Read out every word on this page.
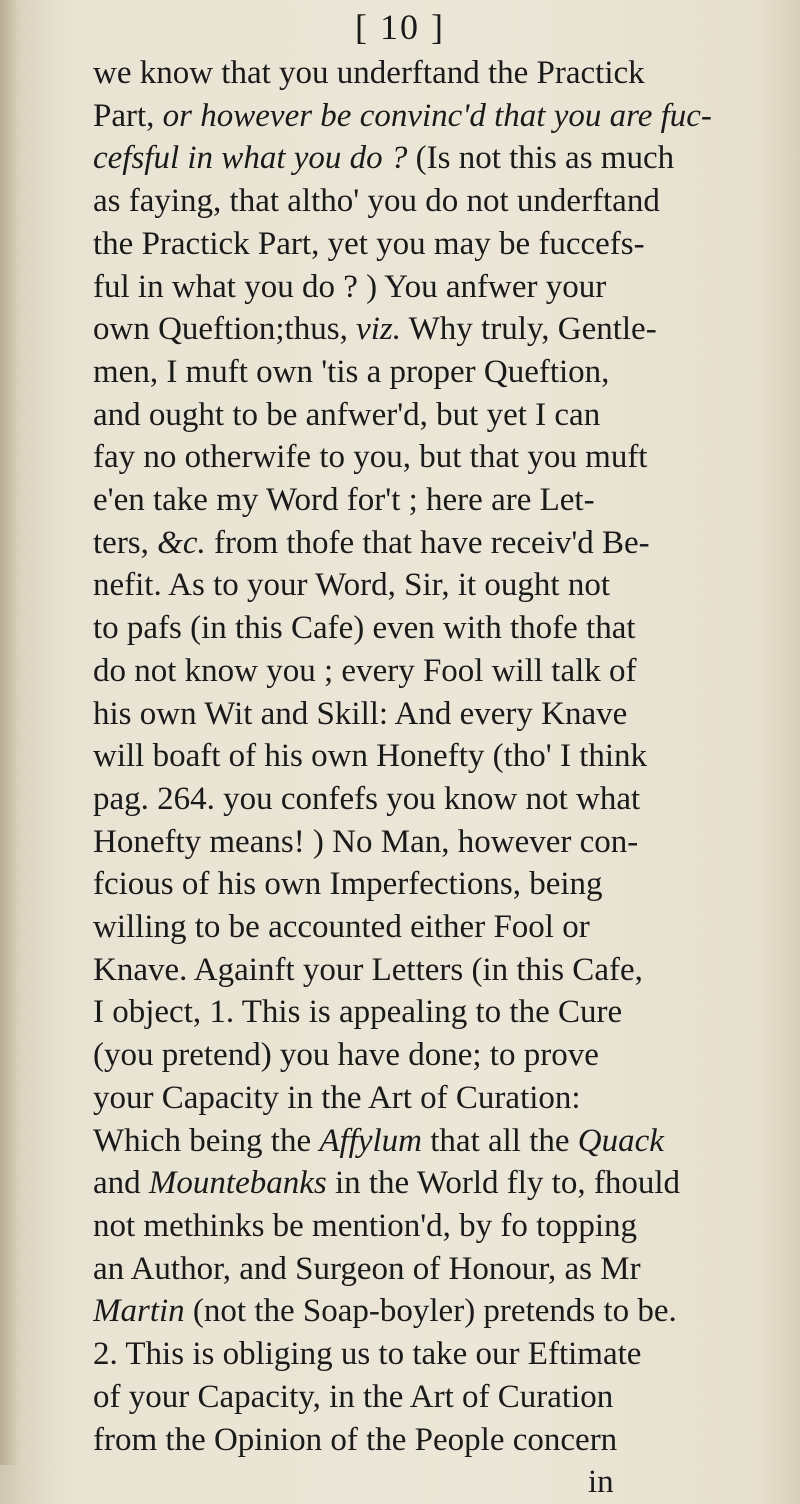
[ 10 ]
we know that you underftand the Practick
Part, or however be convinc'd that you are fuc-
cefsful in what you do ? (Is not this as much
as faying, that altho' you do not underftand
the Practick Part, yet you may be fuccefs-
ful in what you do ? ) You anfwer your
own Queftion;thus, viz. Why truly, Gentle-
men, I muft own 'tis a proper Queftion,
and ought to be anfwer'd, but yet I can
fay no otherwife to you, but that you muft
e'en take my Word for't ; here are Let-
ters, &c. from thofe that have receiv'd Be-
nefit. As to your Word, Sir, it ought not
to pafs (in this Cafe) even with thofe that
do not know you ; every Fool will talk of
his own Wit and Skill: And every Knave
will boaft of his own Honefty (tho' I think
pag. 264. you confefs you know not what
Honefty means! ) No Man, however con-
fcious of his own Imperfections, being
willing to be accounted either Fool or
Knave. Againft your Letters (in this Cafe,
I object, 1. This is appealing to the Cure
(you pretend) you have done; to prove
your Capacity in the Art of Curation:
Which being the Affylum that all the Quack
and Mountebanks in the World fly to, fhould
not methinks be mention'd, by fo topping
an Author, and Surgeon of Honour, as Mr
Martin (not the Soap-boyler) pretends to be.
2. This is obliging us to take our Eftimate
of your Capacity, in the Art of Curation
from the Opinion of the People concern
in
